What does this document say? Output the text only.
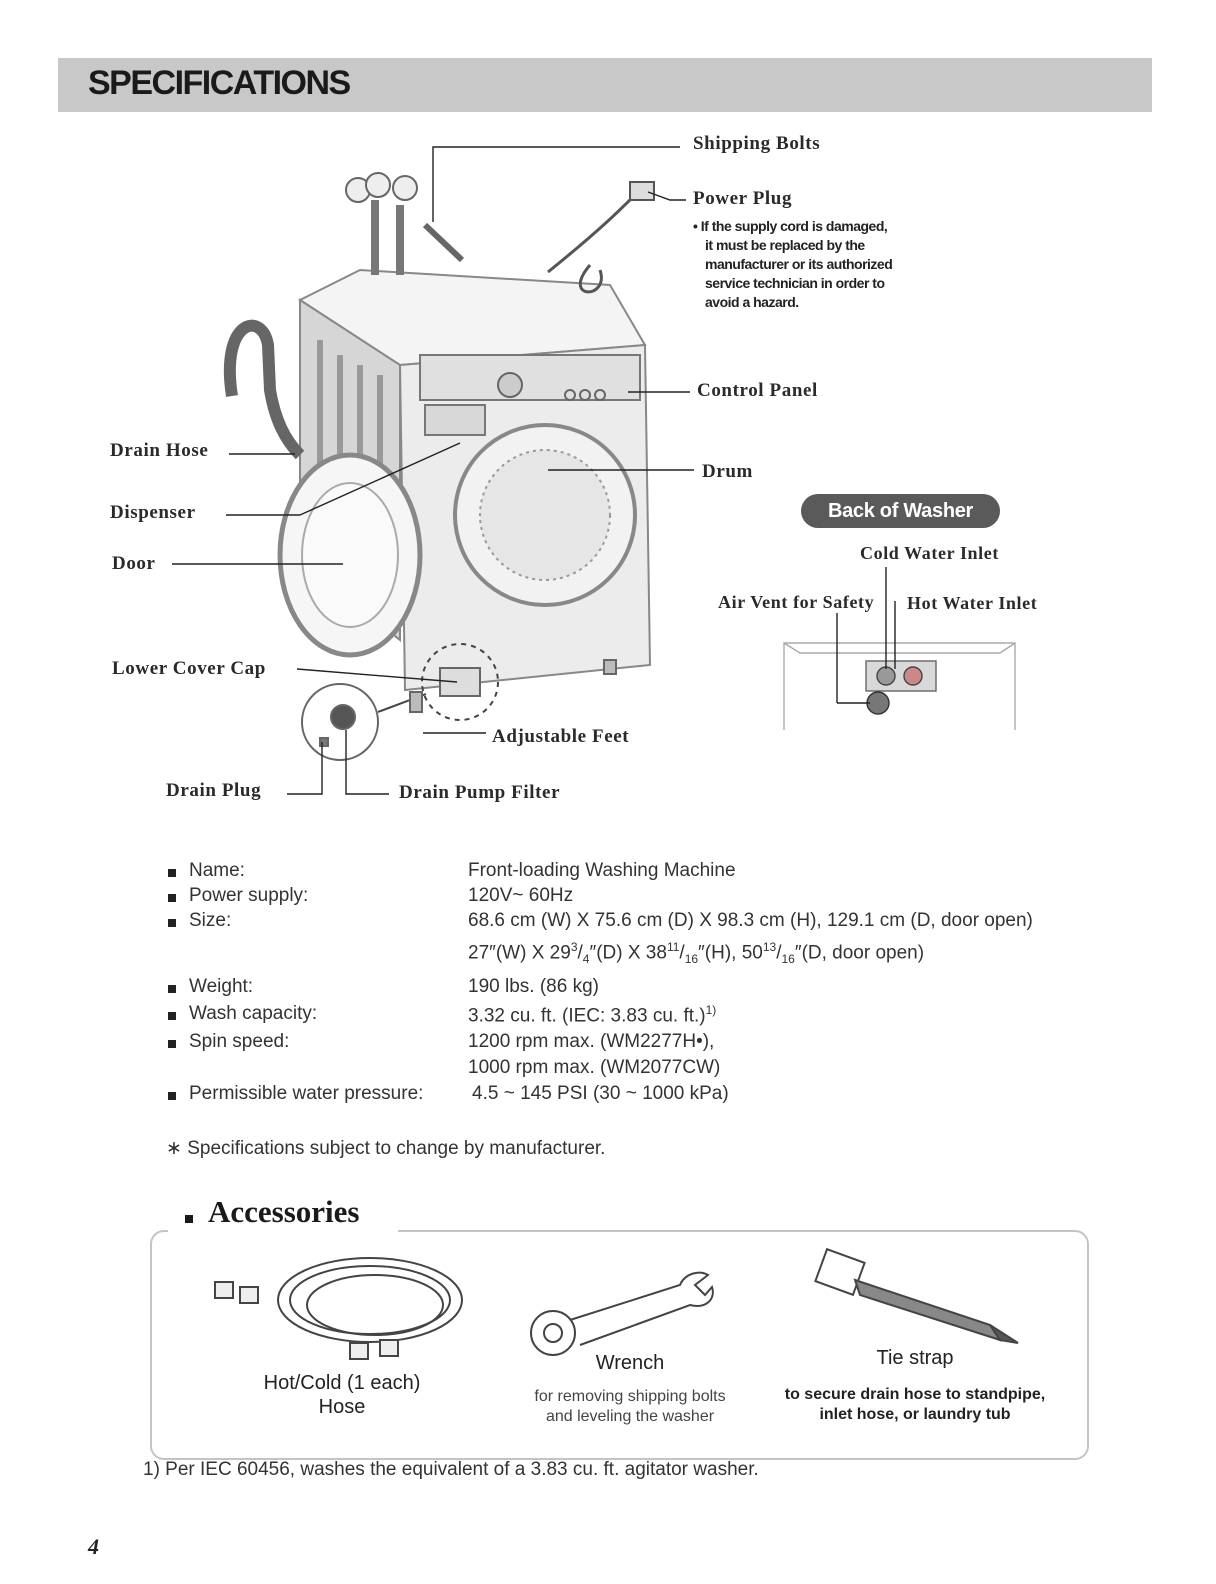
SPECIFICATIONS
Shipping Bolts
Power Plug
• If the supply cord is damaged,
it must be replaced by the
manufacturer or its authorized
service technician in order to
avoid a hazard.
Control Panel
Drum
Drain Hose
Dispenser
Door
Lower Cover Cap
Adjustable Feet
Drain Plug	Drain Pump Filter
Back of Washer
Cold Water Inlet
Air Vent for Safety Hot Water Inlet
Name:	Front-loading Washing Machine
Power supply:	120V~ 60Hz
Size:	68.6 cm (W) X 75.6 cm (D) X 98.3 cm (H), 129.1 cm (D, door open)
27″(W) X $29^3/_4''(D)$ X $38^{11}/_{16}''(H)$, $50^{13}/_{16}''(D$, door open)
Weight:	190 lbs. (86 kg)
Wash capacity:	3.32 cu. ft. (IEC: 3.83 cu. ft.)$^{1)}$
Spin speed:	1200 rpm max. (WM2277H•),
1000 rpm max. (WM2077CW)
Permissible water pressure:	4.5 ~ 145 PSI (30 ~ 1000 kPa)
∗ Specifications subject to change by manufacturer.
Accessories
Hot/Cold (1 each)
Hose
Wrench
for removing shipping bolts
and leveling the washer
Tie strap
to secure drain hose to standpipe,
inlet hose, or laundry tub
1) Per IEC 60456, washes the equivalent of a 3.83 cu. ft. agitator washer.
4
